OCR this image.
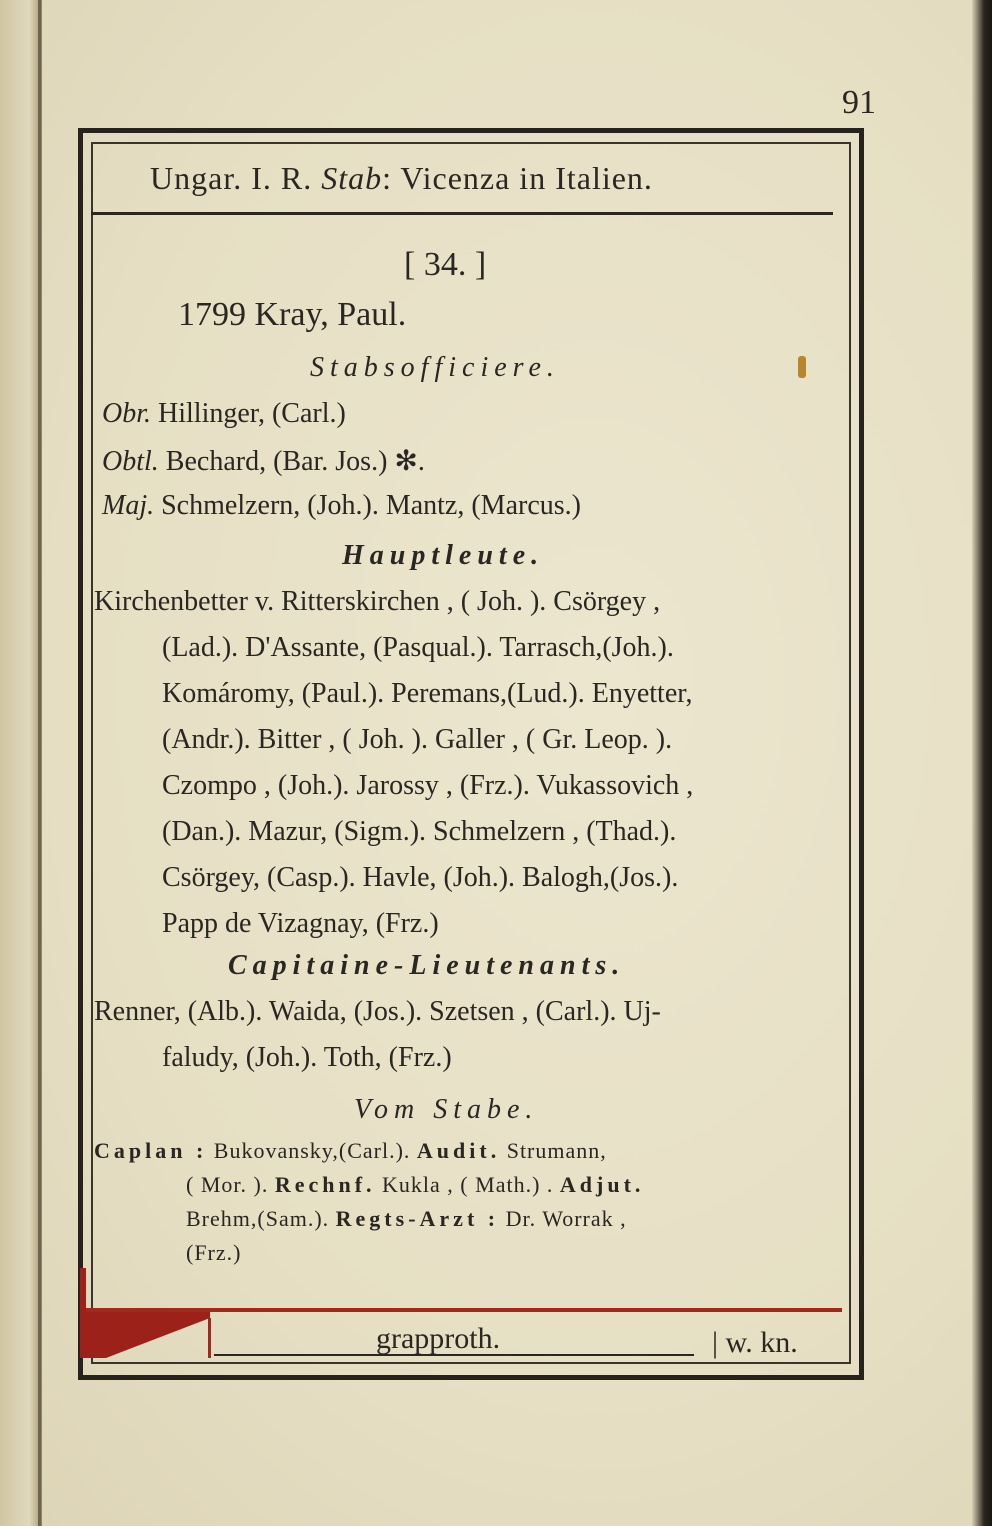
91
Ungar. I. R. Stab: Vicenza in Italien.
[ 34. ]
1799 Kray, Paul.
Stabsofficiere.
Obr. Hillinger, (Carl.)
Obtl. Bechard, (Bar. Jos.) ✻.
Maj. Schmelzern, (Joh.). Mantz, (Marcus.)
Hauptleute.
Kirchenbetter v. Ritterskirchen , ( Joh. ). Csörgey ,
(Lad.). D'Assante, (Pasqual.). Tarrasch,(Joh.).
Komáromy, (Paul.). Peremans,(Lud.). Enyetter,
(Andr.). Bitter , ( Joh. ). Galler , ( Gr. Leop. ).
Czompo , (Joh.). Jarossy , (Frz.). Vukassovich ,
(Dan.). Mazur, (Sigm.). Schmelzern , (Thad.).
Csörgey, (Casp.). Havle, (Joh.). Balogh,(Jos.).
Papp de Vizagnay, (Frz.)
Capitaine-Lieutenants.
Renner, (Alb.). Waida, (Jos.). Szetsen , (Carl.). Uj-
faludy, (Joh.). Toth, (Frz.)
Vom Stabe.
Caplan : Bukovansky,(Carl.). Audit. Strumann,
( Mor. ). Rechnf. Kukla , ( Math.) . Adjut.
Brehm,(Sam.). Regts-Arzt : Dr. Worrak ,
(Frz.)
grapproth.	| w. kn.
